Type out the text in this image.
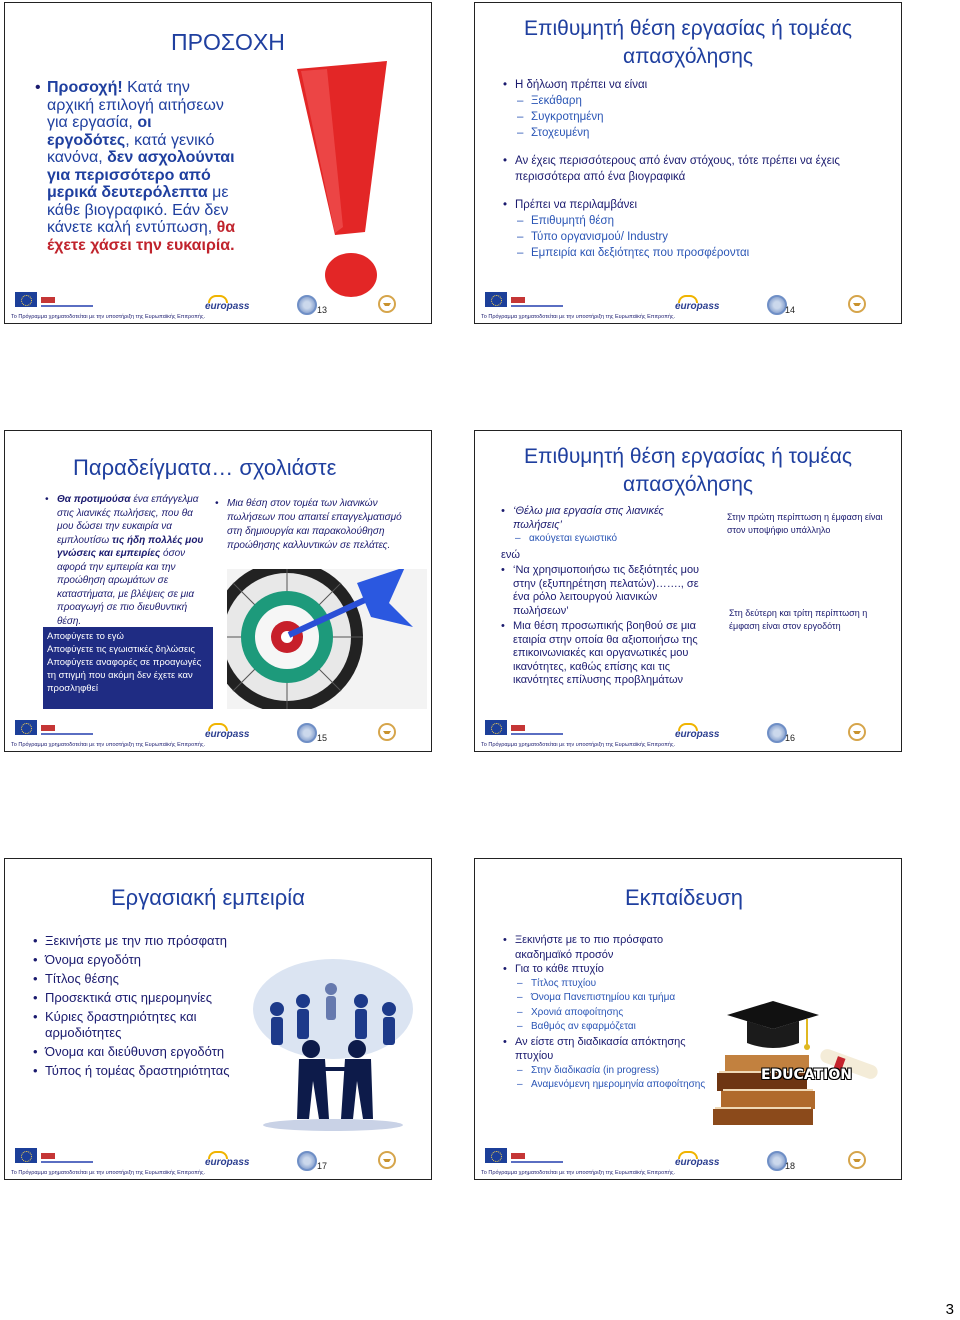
ΠΡΟΣΟΧΗ
• Προσοχή! Κατά την αρχική επιλογή αιτήσεων για εργασία, οι εργοδότες, κατά γενικό κανόνα, δεν ασχολούνται για περισσότερο από μερικά δευτερόλεπτα με κάθε βιογραφικό. Εάν δεν κάνετε καλή εντύπωση, θα έχετε χάσει την ευκαιρία.
europass	13
Το Πρόγραμμα χρηματοδοτείται με την υποστήριξη της Ευρωπαϊκής Επιτροπής.
Επιθυμητή θέση εργασίας ή τομέας απασχόλησης
• Η δήλωση πρέπει να είναι
– Ξεκάθαρη
– Συγκροτημένη
– Στοχευμένη
• Αν έχεις περισσότερους από έναν στόχους, τότε πρέπει να έχεις περισσότερα από ένα βιογραφικά
• Πρέπει να περιλαμβάνει
– Επιθυμητή θέση
– Τύπο οργανισμού/ Industry
– Εμπειρία και δεξιότητες που προσφέρονται
europass	14
Το Πρόγραμμα χρηματοδοτείται με την υποστήριξη της Ευρωπαϊκής Επιτροπής.
Παραδείγματα… σχολιάστε
• Θα προτιμούσα ένα επάγγελμα στις λιανικές πωλήσεις, που θα μου δώσει την ευκαιρία να εμπλουτίσω τις ήδη πολλές μου γνώσεις και εμπειρίες όσον αφορά την εμπειρία και την προώθηση αρωμάτων σε καταστήματα, με βλέψεις σε μια προαγωγή σε πιο διευθυντική θέση.
Αποφύγετε το εγώ
Αποφύγετε τις εγωιστικές δηλώσεις
Αποφύγετε αναφορές σε προαγωγές τη στιγμή που ακόμη δεν έχετε καν προσληφθεί
• Μια θέση στον τομέα των λιανικών πωλήσεων που απαιτεί επαγγελματισμό στη δημιουργία και παρακολούθηση προώθησης καλλυντικών σε πελάτες.
europass	15
Το Πρόγραμμα χρηματοδοτείται με την υποστήριξη της Ευρωπαϊκής Επιτροπής.
Επιθυμητή θέση εργασίας ή τομέας απασχόλησης
• ‘Θέλω μια εργασία στις λιανικές πωλήσεις’
– ακούγεται εγωιστικό
ενώ
• ‘Να χρησιμοποιήσω τις δεξιότητές μου στην (εξυπηρέτηση πελατών)……., σε ένα ρόλο λειτουργού λιανικών πωλήσεων’
• Μια θέση προσωπικής βοηθού σε μια εταιρία στην οποία θα αξιοποιήσω της επικοινωνιακές και οργανωτικές μου ικανότητες, καθώς επίσης και τις ικανότητες επίλυσης προβλημάτων
Στην πρώτη περίπτωση η έμφαση είναι στον υποψήφιο υπάλληλο
Στη δεύτερη και τρίτη περίπτωση η έμφαση είναι στον εργοδότη
europass	16
Το Πρόγραμμα χρηματοδοτείται με την υποστήριξη της Ευρωπαϊκής Επιτροπής.
Εργασιακή εμπειρία
• Ξεκινήστε με την πιο πρόσφατη
• Όνομα εργοδότη
• Τίτλος θέσης
• Προσεκτικά στις ημερομηνίες
• Κύριες δραστηριότητες και αρμοδιότητες
• Όνομα και διεύθυνση εργοδότη
• Τύπος ή τομέας δραστηριότητας
europass	17
Το Πρόγραμμα χρηματοδοτείται με την υποστήριξη της Ευρωπαϊκής Επιτροπής.
Εκπαίδευση
• Ξεκινήστε με το πιο πρόσφατο ακαδημαϊκό προσόν
• Για το κάθε πτυχίο
– Τίτλος πτυχίου
– Όνομα Πανεπιστημίου και τμήμα
– Χρονιά αποφοίτησης
– Βαθμός αν εφαρμόζεται
• Αν είστε στη διαδικασία απόκτησης πτυχίου
– Στην διαδικασία (in progress)
– Αναμενόμενη ημερομηνία αποφοίτησης
EDUCATION
europass	18
Το Πρόγραμμα χρηματοδοτείται με την υποστήριξη της Ευρωπαϊκής Επιτροπής.
3
